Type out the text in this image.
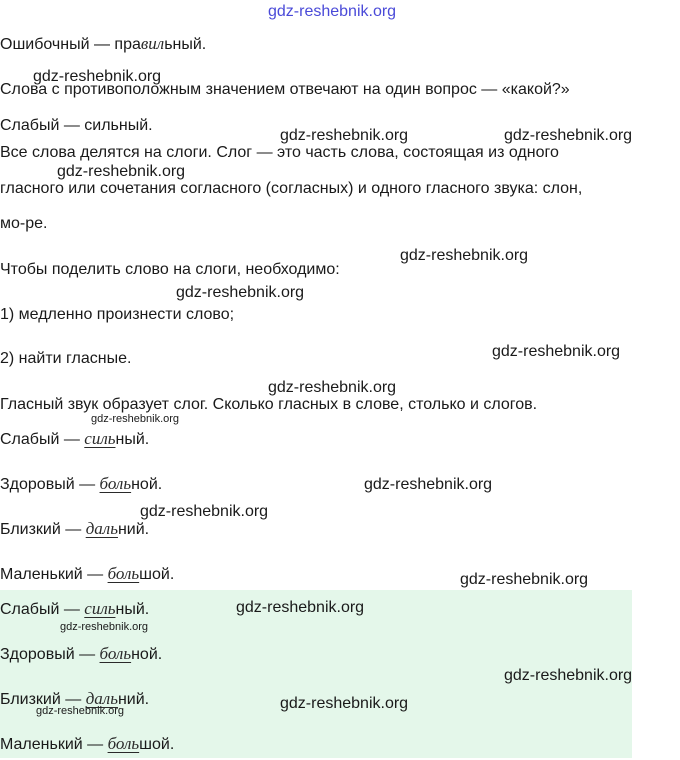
gdz-reshebnik.org
Ошибочный — правильный.
Слова с противоположным значением отвечают на один вопрос — «какой?»
Слабый — сильный.
Все слова делятся на слоги. Слог — это часть слова, состоящая из одного
гласного или сочетания согласного (согласных) и одного гласного звука: слон,
мо-ре.
Чтобы поделить слово на слоги, необходимо:
1) медленно произнести слово;
2) найти гласные.
Гласный звук образует слог. Сколько гласных в слове, столько и слогов.
Слабый — сильный.
Здоровый — больной.
Близкий — дальний.
Маленький — большой.
Слабый — сильный.
Здоровый — больной.
Близкий — дальний.
Маленький — большой.
gdz-reshebnik.org
gdz-reshebnik.org	gdz-reshebnik.org
gdz-reshebnik.org
gdz-reshebnik.org
gdz-reshebnik.org
gdz-reshebnik.org
gdz-reshebnik.org
gdz-reshebnik.org
gdz-reshebnik.org
gdz-reshebnik.org
gdz-reshebnik.org
gdz-reshebnik.org
gdz-reshebnik.org
gdz-reshebnik.org
gdz-reshebnik.org
gdz-reshebnik.org
